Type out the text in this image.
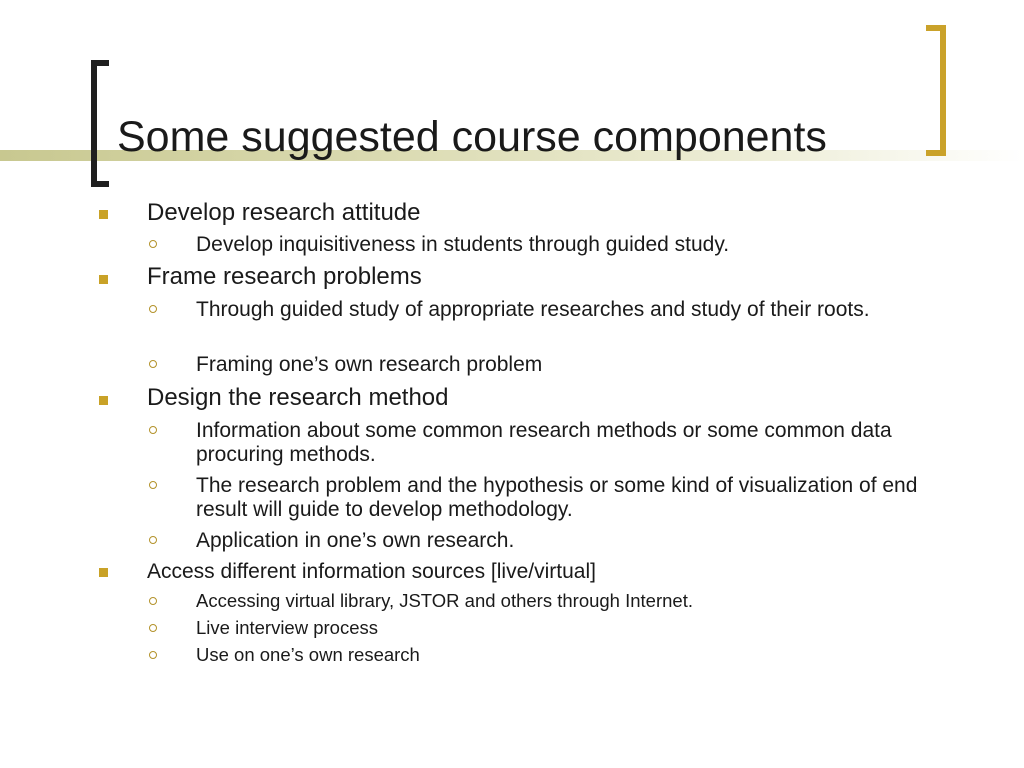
Some suggested course components
Develop research attitude
Develop inquisitiveness in students through guided study.
Frame research problems
Through guided study of appropriate researches and study of their roots.
Framing one’s own research problem
Design the research method
Information about some common research methods or some common data procuring methods.
The research problem and the hypothesis or some kind of visualization of end result will guide to develop methodology.
Application in one’s own research.
Access different information sources [live/virtual]
Accessing virtual library, JSTOR and others through Internet.
Live interview process
Use on one’s own research
